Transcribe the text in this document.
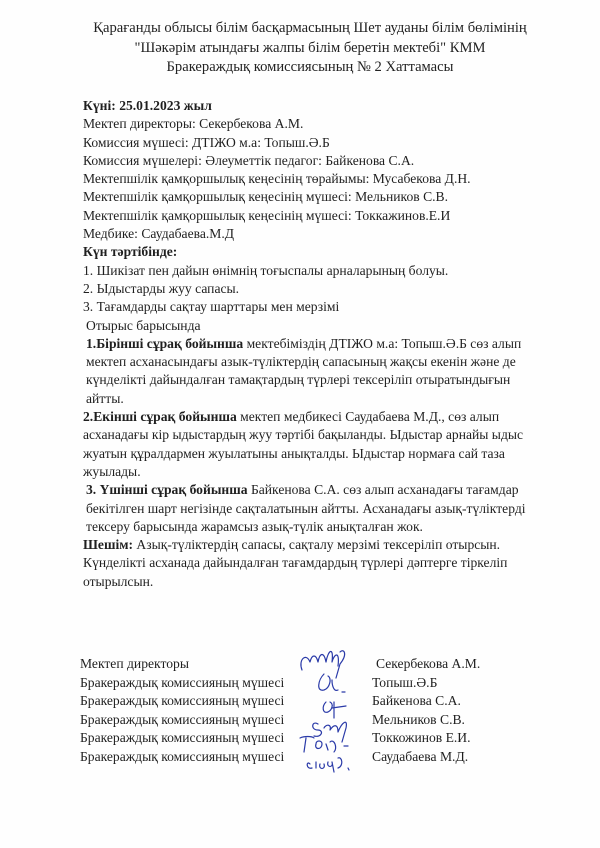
Қарағанды облысы білім басқармасының Шет ауданы білім бөлімінің
"Шәкәрім атындағы жалпы білім беретін мектебі" КММ
Бракераждық комиссиясының № 2 Хаттамасы
Күні: 25.01.2023 жыл
Мектеп директоры: Секербекова А.М.
Комиссия мүшесі: ДТІЖО м.а: Топыш.Ә.Б
Комиссия мүшелері: Әлеуметтік педагог: Байкенова С.А.
Мектепшілік қамқоршылық кеңесінің төрайымы: Мусабекова Д.Н.
Мектепшілік қамқоршылық кеңесінің мүшесі: Мельников С.В.
Мектепшілік қамқоршылық кеңесінің мүшесі: Токкажинов.Е.И
Медбике: Саудабаева.М.Д
Күн тәртібінде:
1. Шикізат пен дайын өнімнің тоғыспалы арналарының болуы.
2. Ыдыстарды жуу сапасы.
3. Тағамдарды сақтау шарттары мен мерзімі
Отырыс барысында
1.Бірінші сұрақ бойынша мектебіміздің ДТІЖО м.а: Топыш.Ә.Б сөз алып мектеп асханасындағы азык-түліктердің сапасының жақсы екенін және де күнделікті дайындалған тамақтардың түрлері тексеріліп отыратындығын айтты.
2.Екінші сұрақ бойынша мектеп медбикесі Саудабаева М.Д., сөз алып асханадағы кір ыдыстардың жуу тәртібі бақыланды. Ыдыстар арнайы ыдыс жуатын құралдармен жуылатыны анықталды. Ыдыстар нормаға сай таза жуылады.
3. Үшінші сұрақ бойынша Байкенова С.А. сөз алып асханадағы тағамдар бекітілген шарт негізінде сақталатынын айтты. Асханадағы азық-түліктерді тексеру барысында жарамсыз азық-түлік анықталған жок.
Шешім: Азық-түліктердің сапасы, сақталу мерзімі тексеріліп отырсын. Күнделікті асханада дайындалған тағамдардың түрлері дәптерге тіркеліп отырылсын.
Мектеп директоры	Секербекова А.М.
Бракераждық комиссияның мүшесі	Топыш.Ә.Б
Бракераждық комиссияның мүшесі	Байкенова С.А.
Бракераждық комиссияның мүшесі	Мельников С.В.
Бракераждық комиссияның мүшесі	Токкожинов Е.И.
Бракераждық комиссияның мүшесі	Саудабаева М.Д.
